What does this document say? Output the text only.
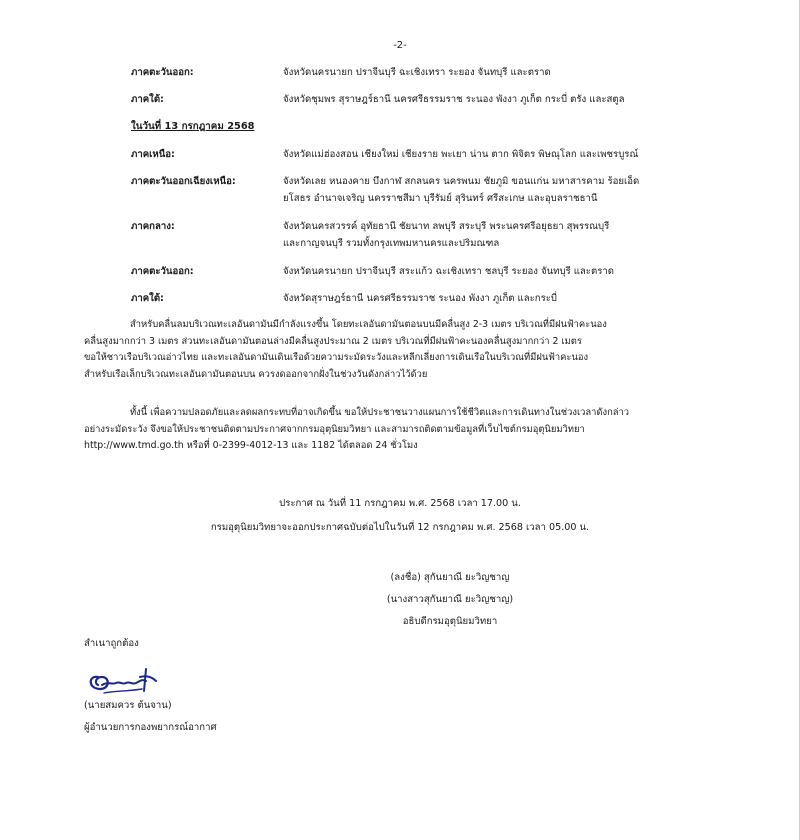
-2-
ภาคตะวันออก:	จังหวัดนครนายก ปราจีนบุรี ฉะเชิงเทรา ระยอง จันทบุรี และตราด
ภาคใต้:	จังหวัดชุมพร สุราษฎร์ธานี นครศรีธรรมราช ระนอง พังงา ภูเก็ต กระบี่ ตรัง และสตูล
ในวันที่ 13 กรกฎาคม 2568
ภาคเหนือ:	จังหวัดแม่ฮ่องสอน เชียงใหม่ เชียงราย พะเยา น่าน ตาก พิจิตร พิษณุโลก และเพชรบูรณ์
ภาคตะวันออกเฉียงเหนือ:	จังหวัดเลย หนองคาย บึงกาฬ สกลนคร นครพนม ชัยภูมิ ขอนแก่น มหาสารคาม ร้อยเอ็ด
ยโสธร อำนาจเจริญ นครราชสีมา บุรีรัมย์ สุรินทร์ ศรีสะเกษ และอุบลราชธานี
ภาคกลาง:	จังหวัดนครสวรรค์ อุทัยธานี ชัยนาท ลพบุรี สระบุรี พระนครศรีอยุธยา สุพรรณบุรี
และกาญจนบุรี รวมทั้งกรุงเทพมหานครและปริมณฑล
ภาคตะวันออก:	จังหวัดนครนายก ปราจีนบุรี สระแก้ว ฉะเชิงเทรา ชลบุรี ระยอง จันทบุรี และตราด
ภาคใต้:	จังหวัดสุราษฎร์ธานี นครศรีธรรมราช ระนอง พังงา ภูเก็ต และกระบี่
สำหรับคลื่นลมบริเวณทะเลอันดามันมีกำลังแรงขึ้น โดยทะเลอันดามันตอนบนมีคลื่นสูง 2-3 เมตร บริเวณที่มีฝนฟ้าคะนอง
คลื่นสูงมากกว่า 3 เมตร ส่วนทะเลอันดามันตอนล่างมีคลื่นสูงประมาณ 2 เมตร บริเวณที่มีฝนฟ้าคะนองคลื่นสูงมากกว่า 2 เมตร
ขอให้ชาวเรือบริเวณอ่าวไทย และทะเลอันดามันเดินเรือด้วยความระมัดระวังและหลีกเลี่ยงการเดินเรือในบริเวณที่มีฝนฟ้าคะนอง
สำหรับเรือเล็กบริเวณทะเลอันดามันตอนบน ควรงดออกจากฝั่งในช่วงวันดังกล่าวไว้ด้วย
ทั้งนี้ เพื่อความปลอดภัยและลดผลกระทบที่อาจเกิดขึ้น ขอให้ประชาชนวางแผนการใช้ชีวิตและการเดินทางในช่วงเวลาดังกล่าว
อย่างระมัดระวัง จึงขอให้ประชาชนติดตามประกาศจากกรมอุตุนิยมวิทยา และสามารถติดตามข้อมูลที่เว็บไซต์กรมอุตุนิยมวิทยา
http://www.tmd.go.th หรือที่ 0-2399-4012-13 และ 1182 ได้ตลอด 24 ชั่วโมง
ประกาศ ณ วันที่ 11 กรกฎาคม พ.ศ. 2568 เวลา 17.00 น.
กรมอุตุนิยมวิทยาจะออกประกาศฉบับต่อไปในวันที่ 12 กรกฎาคม พ.ศ. 2568 เวลา 05.00 น.
(ลงชื่อ) สุกันยาณี ยะวิญชาญ
(นางสาวสุกันยาณี ยะวิญชาญ)
อธิบดีกรมอุตุนิยมวิทยา
สำเนาถูกต้อง
(นายสมควร ต้นจาน)
ผู้อำนวยการกองพยากรณ์อากาศ
